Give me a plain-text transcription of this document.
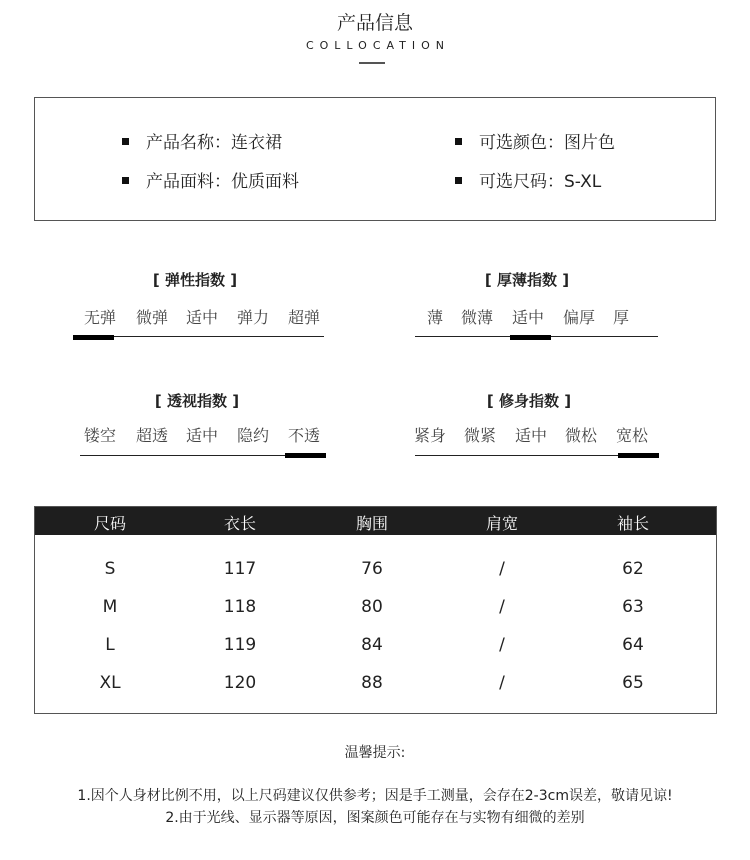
产品信息
COLLOCATION
产品名称：连衣裙	可选颜色：图片色
产品面料：优质面料	可选尺码：S-XL
[ 弹性指数 ]
无弹 微弹 适中 弹力 超弹
[ 厚薄指数 ]
薄 微薄 适中 偏厚 厚
[ 透视指数 ]
镂空 超透 适中 隐约 不透
[ 修身指数 ]
紧身 微紧 适中 微松 宽松
尺码	衣长	胸围	肩宽	袖长
S	117	76	/	62
M	118	80	/	63
L	119	84	/	64
XL	120	88	/	65
温馨提示:
1.因个人身材比例不用，以上尺码建议仅供参考；因是手工测量，会存在2-3cm误差，敬请见谅!
2.由于光线、显示器等原因，图案颜色可能存在与实物有细微的差别
